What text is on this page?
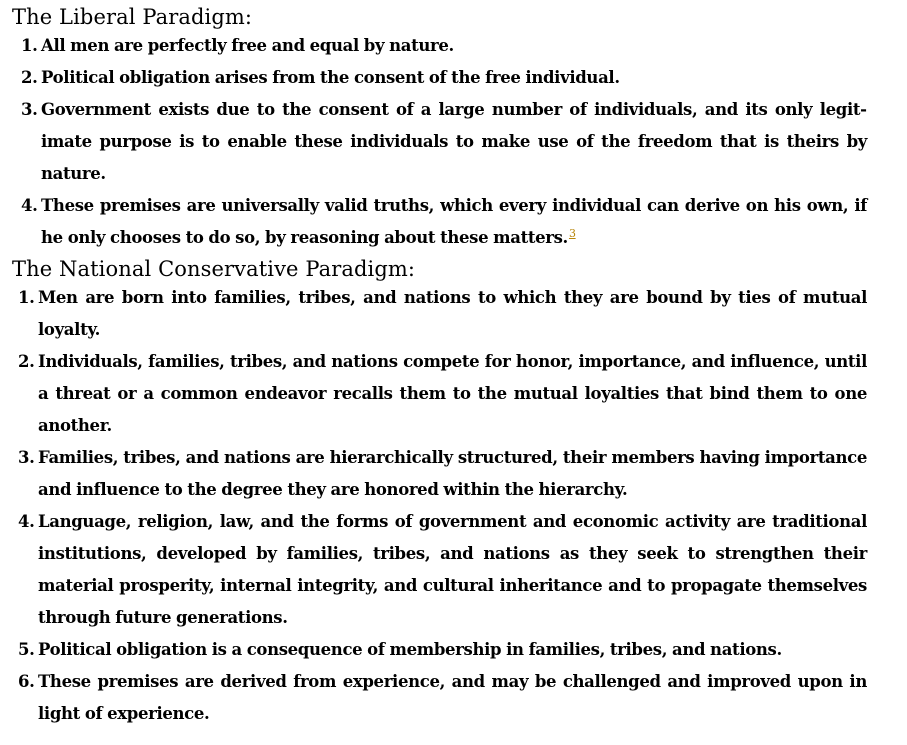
The Liberal Paradigm:
1. All men are perfectly free and equal by nature.
2. Political obligation arises from the consent of the free individual.
3. Government exists due to the consent of a large number of individuals, and its only legitimate purpose is to enable these individuals to make use of the freedom that is theirs by nature.
4. These premises are universally valid truths, which every individual can derive on his own, if he only chooses to do so, by reasoning about these matters.$^3$
The National Conservative Paradigm:
1. Men are born into families, tribes, and nations to which they are bound by ties of mutual loyalty.
2. Individuals, families, tribes, and nations compete for honor, importance, and influence, until a threat or a common endeavor recalls them to the mutual loyalties that bind them to one another.
3. Families, tribes, and nations are hierarchically structured, their members having importance and influence to the degree they are honored within the hierarchy.
4. Language, religion, law, and the forms of government and economic activity are traditional institutions, developed by families, tribes, and nations as they seek to strengthen their material prosperity, internal integrity, and cultural inheritance and to propagate themselves through future generations.
5. Political obligation is a consequence of membership in families, tribes, and nations.
6. These premises are derived from experience, and may be challenged and improved upon in light of experience.
